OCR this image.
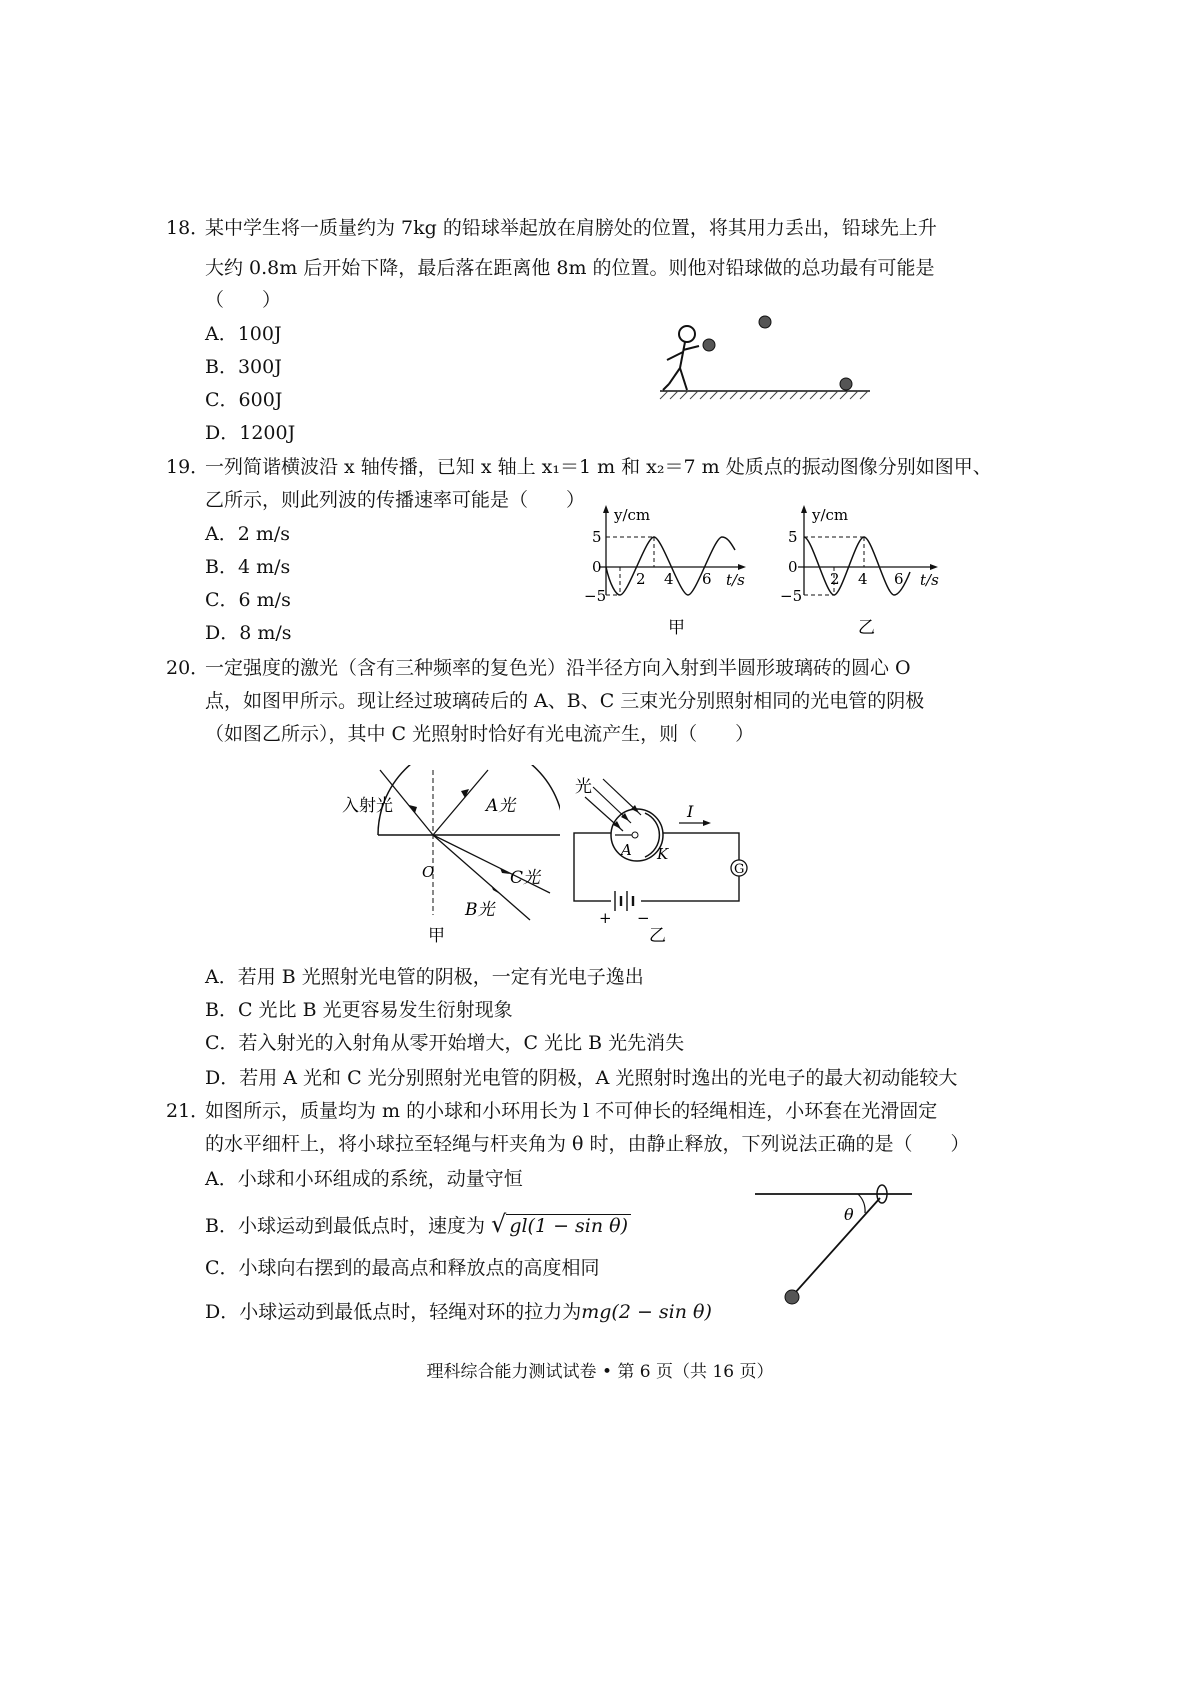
18．
某中学生将一质量约为 7kg 的铅球举起放在肩膀处的位置，将其用力丢出，铅球先上升
大约 0.8m 后开始下降，最后落在距离他 8m 的位置。则他对铅球做的总功最有可能是
（　　）
A．100J
B．300J
C．600J
D．1200J
19．
一列简谐横波沿 x 轴传播，已知 x 轴上 x₁＝1 m 和 x₂＝7 m 处质点的振动图像分别如图甲、
乙所示，则此列波的传播速率可能是（　　）
A．2 m/s
B．4 m/s
C．6 m/s
D．8 m/s
y/cm
t/s
5
0
−5
2 4 6
甲
y/cm
t/s
5
0
−5
2 4 6
乙
20．
一定强度的激光（含有三种频率的复色光）沿半径方向入射到半圆形玻璃砖的圆心 O
点，如图甲所示。现让经过玻璃砖后的 A、B、C 三束光分别照射相同的光电管的阴极
（如图乙所示），其中 C 光照射时恰好有光电流产生，则（　　）
入射光	A光
O	C光
B光
甲
G
光
I
A K
+ −
乙
A．若用 B 光照射光电管的阴极，一定有光电子逸出
B．C 光比 B 光更容易发生衍射现象
C．若入射光的入射角从零开始增大，C 光比 B 光先消失
D．若用 A 光和 C 光分别照射光电管的阴极，A 光照射时逸出的光电子的最大初动能较大
21．
如图所示，质量均为 m 的小球和小环用长为 l 不可伸长的轻绳相连，小环套在光滑固定
的水平细杆上，将小球拉至轻绳与杆夹角为 θ 时，由静止释放，下列说法正确的是（　　）
A．小球和小环组成的系统，动量守恒
B．小球运动到最低点时，速度为 √ gl(1 − sin θ)
C．小球向右摆到的最高点和释放点的高度相同
D．小球运动到最低点时，轻绳对环的拉力为mg(2 − sin θ)
θ
理科综合能力测试试卷 • 第 6 页（共 16 页）
